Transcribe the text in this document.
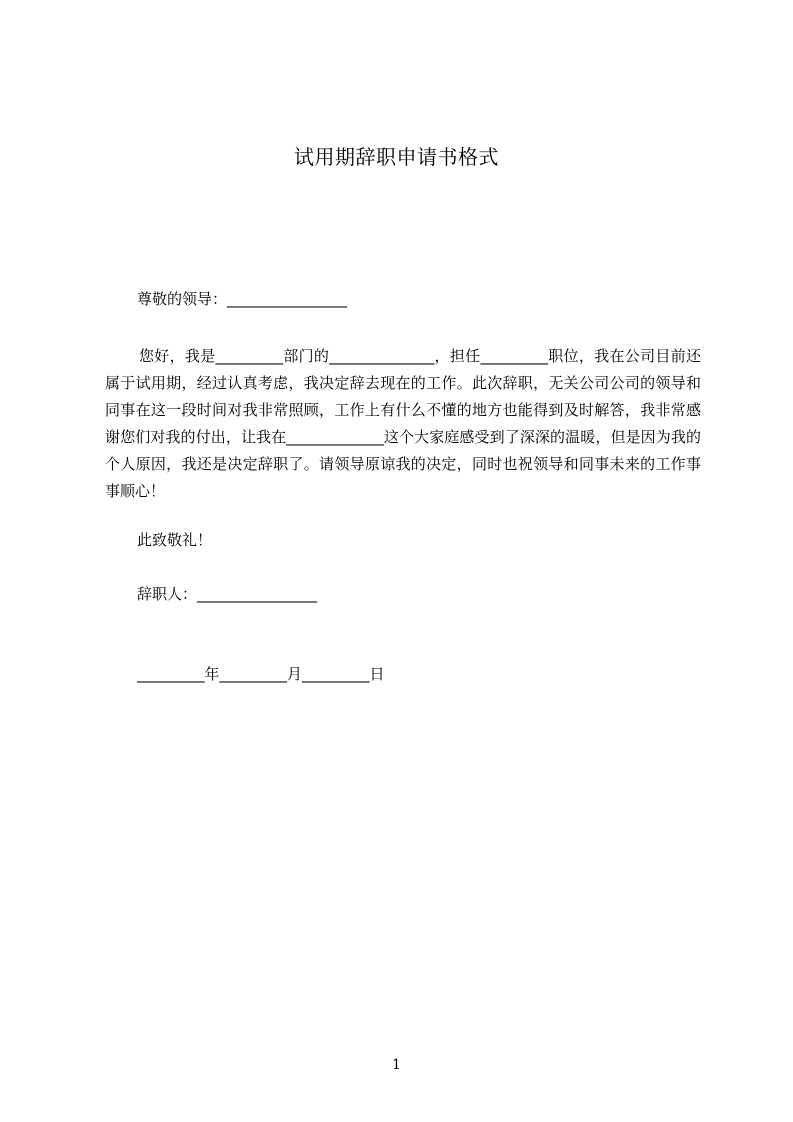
试用期辞职申请书格式
尊敬的领导：________________
您好，我是_________部门的______________，担任_________职位，我在公司目前还属于试用期，经过认真考虑，我决定辞去现在的工作。此次辞职，无关公司公司的领导和同事在这一段时间对我非常照顾，工作上有什么不懂的地方也能得到及时解答，我非常感谢您们对我的付出，让我在_____________这个大家庭感受到了深深的温暖，但是因为我的个人原因，我还是决定辞职了。请领导原谅我的决定，同时也祝领导和同事未来的工作事事顺心！
此致敬礼！
辞职人：________________
_________年_________月_________日
1
